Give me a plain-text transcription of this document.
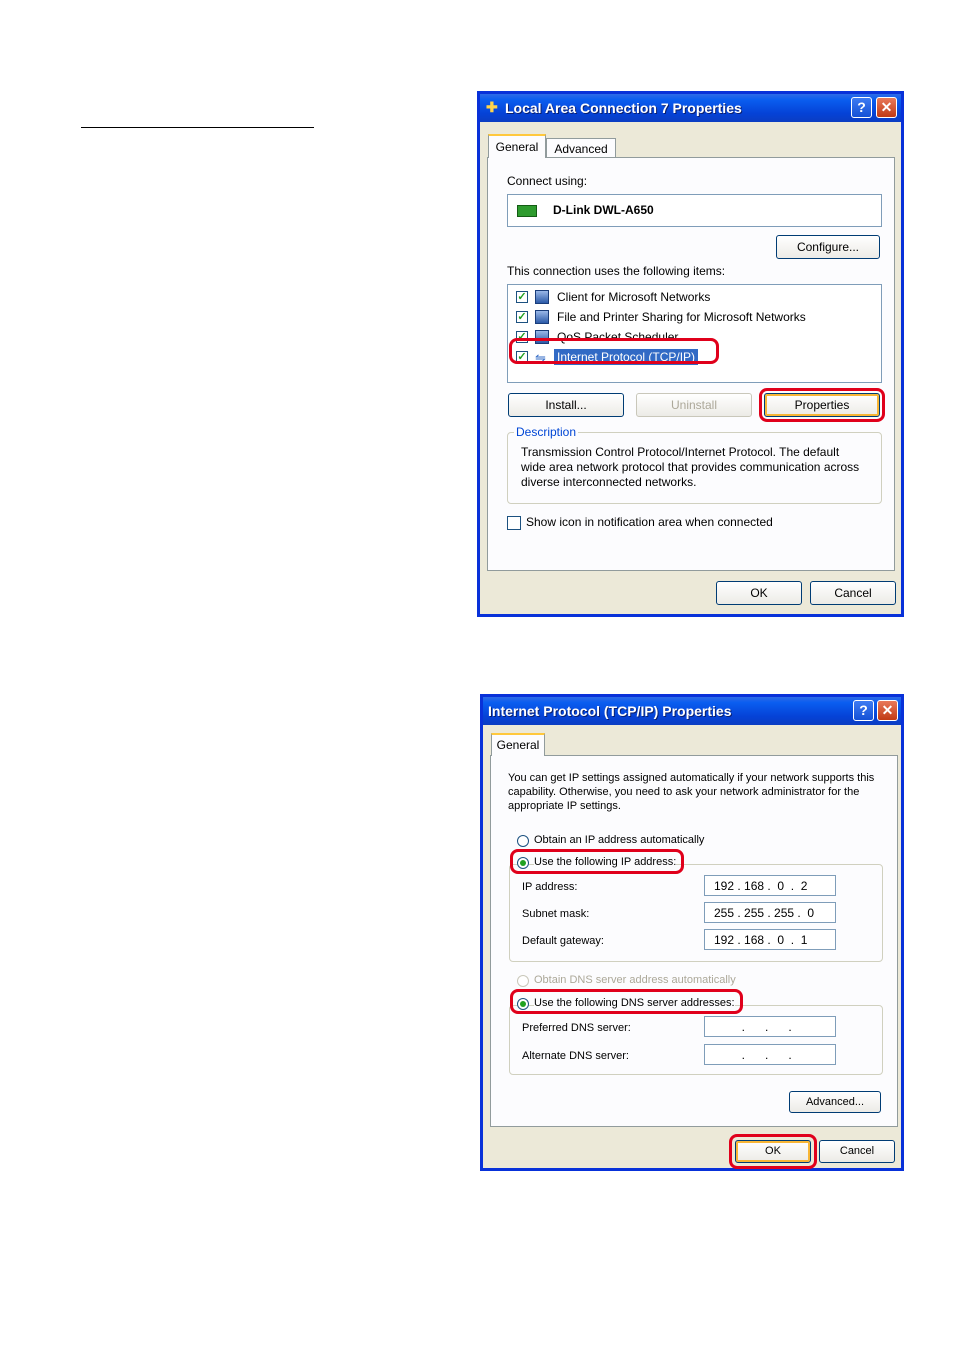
✚ Local Area Connection 7 Properties	?	✕
General	Advanced
Connect using:
D-Link DWL-A650
Configure...
This connection uses the following items:
✓	Client for Microsoft Networks
✓	File and Printer Sharing for Microsoft Networks
✓	QoS Packet Scheduler
✓ ⇋ Internet Protocol (TCP/IP)
Install...	Uninstall	Properties
Description
Transmission Control Protocol/Internet Protocol. The default wide area network protocol that provides communication across diverse interconnected networks.
Show icon in notification area when connected
OK	Cancel
Internet Protocol (TCP/IP) Properties	? ✕
General
You can get IP settings assigned automatically if your network supports this capability. Otherwise, you need to ask your network administrator for the appropriate IP settings.
Obtain an IP address automatically
Use the following IP address:
IP address:	192 . 168 .  0  .  2
Subnet mask:	255 . 255 . 255 .  0
Default gateway:	192 . 168 .  0  .  1
Obtain DNS server address automatically
Use the following DNS server addresses:
Preferred DNS server:	.      .      .
Alternate DNS server:	.      .      .
Advanced...
OK	Cancel
